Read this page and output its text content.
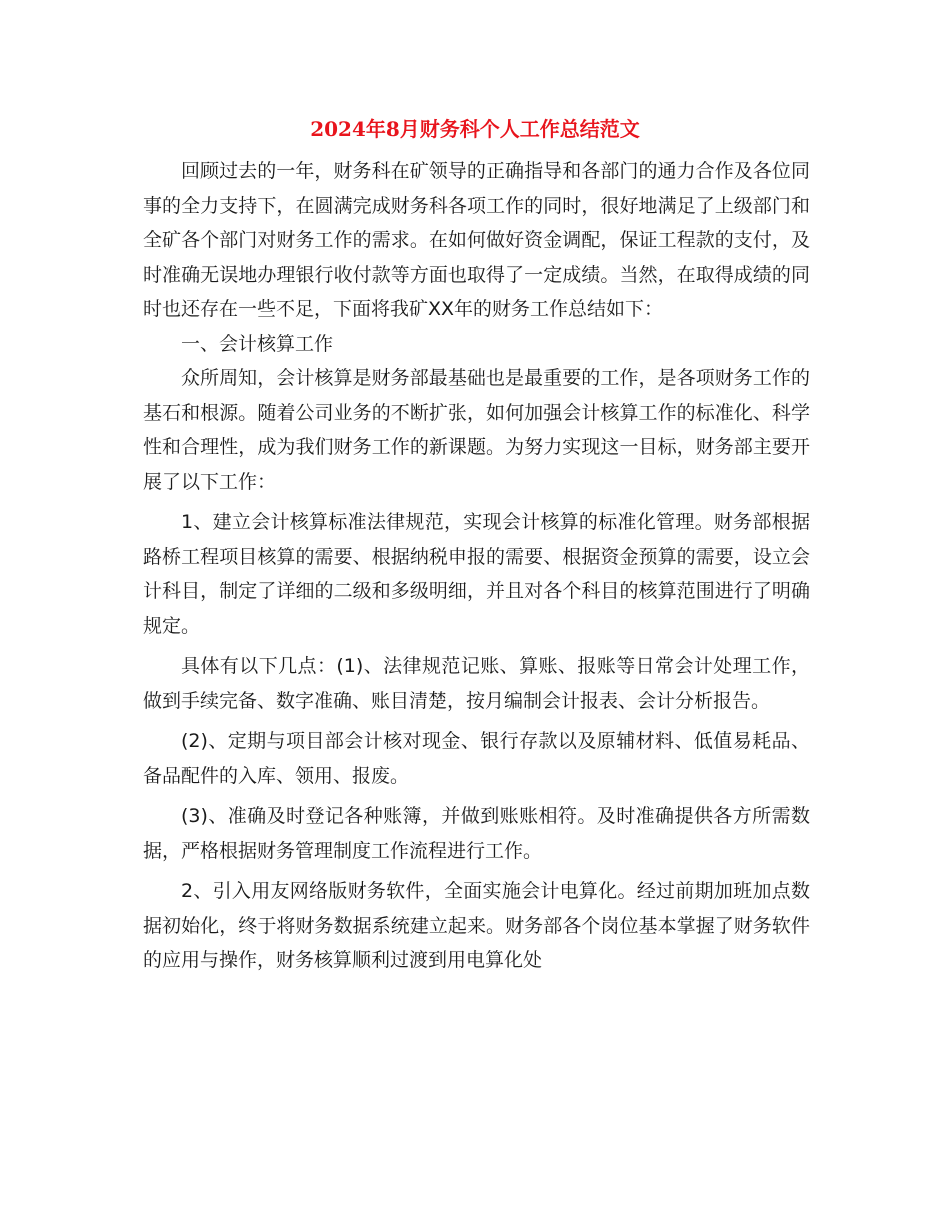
2024年8月财务科个人工作总结范文

回顾过去的一年，财务科在矿领导的正确指导和各部门的通力合作及各位同事的全力支持下，在圆满完成财务科各项工作的同时，很好地满足了上级部门和全矿各个部门对财务工作的需求。在如何做好资金调配，保证工程款的支付，及时准确无误地办理银行收付款等方面也取得了一定成绩。当然，在取得成绩的同时也还存在一些不足，下面将我矿XX年的财务工作总结如下：

一、会计核算工作

众所周知，会计核算是财务部最基础也是最重要的工作，是各项财务工作的基石和根源。随着公司业务的不断扩张，如何加强会计核算工作的标准化、科学性和合理性，成为我们财务工作的新课题。为努力实现这一目标，财务部主要开展了以下工作：

1、建立会计核算标准法律规范，实现会计核算的标准化管理。财务部根据路桥工程项目核算的需要、根据纳税申报的需要、根据资金预算的需要，设立会计科目，制定了详细的二级和多级明细，并且对各个科目的核算范围进行了明确规定。

具体有以下几点：(1)、法律规范记账、算账、报账等日常会计处理工作，做到手续完备、数字准确、账目清楚，按月编制会计报表、会计分析报告。

(2)、定期与项目部会计核对现金、银行存款以及原辅材料、低值易耗品、备品配件的入库、领用、报废。

(3)、准确及时登记各种账簿，并做到账账相符。及时准确提供各方所需数据，严格根据财务管理制度工作流程进行工作。

2、引入用友网络版财务软件，全面实施会计电算化。经过前期加班加点数据初始化，终于将财务数据系统建立起来。财务部各个岗位基本掌握了财务软件的应用与操作，财务核算顺利过渡到用电算化处
